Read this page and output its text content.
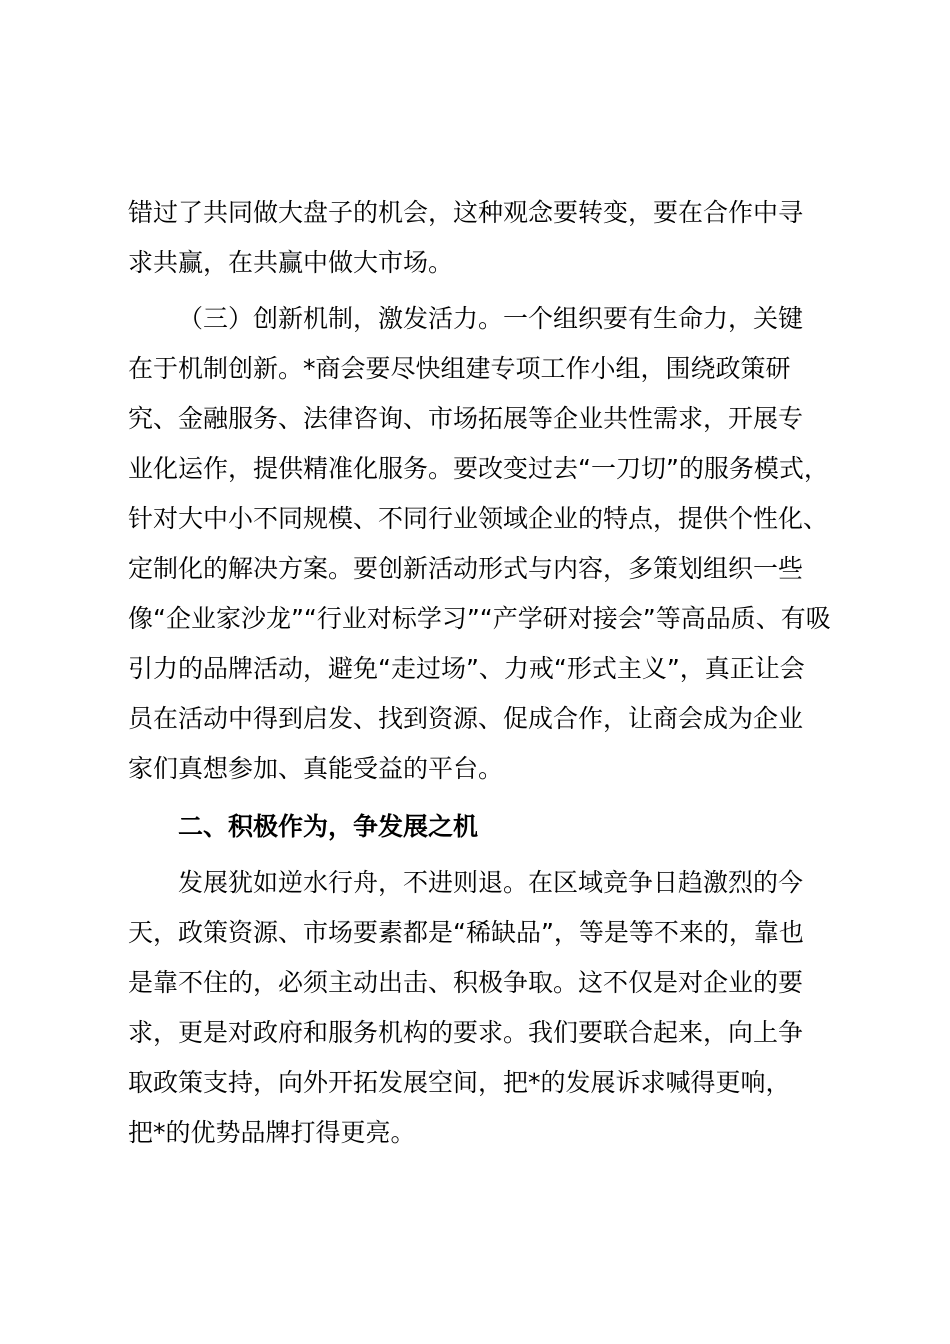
错过了共同做大盘子的机会，这种观念要转变，要在合作中寻
求共赢，在共赢中做大市场。
（三）创新机制，激发活力。一个组织要有生命力，关键
在于机制创新。*商会要尽快组建专项工作小组，围绕政策研
究、金融服务、法律咨询、市场拓展等企业共性需求，开展专
业化运作，提供精准化服务。要改变过去“一刀切”的服务模式，
针对大中小不同规模、不同行业领域企业的特点，提供个性化、
定制化的解决方案。要创新活动形式与内容，多策划组织一些
像“企业家沙龙”“行业对标学习”“产学研对接会”等高品质、有吸
引力的品牌活动，避免“走过场”、力戒“形式主义”，真正让会
员在活动中得到启发、找到资源、促成合作，让商会成为企业
家们真想参加、真能受益的平台。
二、积极作为，争发展之机
发展犹如逆水行舟，不进则退。在区域竞争日趋激烈的今
天，政策资源、市场要素都是“稀缺品”，等是等不来的，靠也
是靠不住的，必须主动出击、积极争取。这不仅是对企业的要
求，更是对政府和服务机构的要求。我们要联合起来，向上争
取政策支持，向外开拓发展空间，把*的发展诉求喊得更响，
把*的优势品牌打得更亮。
